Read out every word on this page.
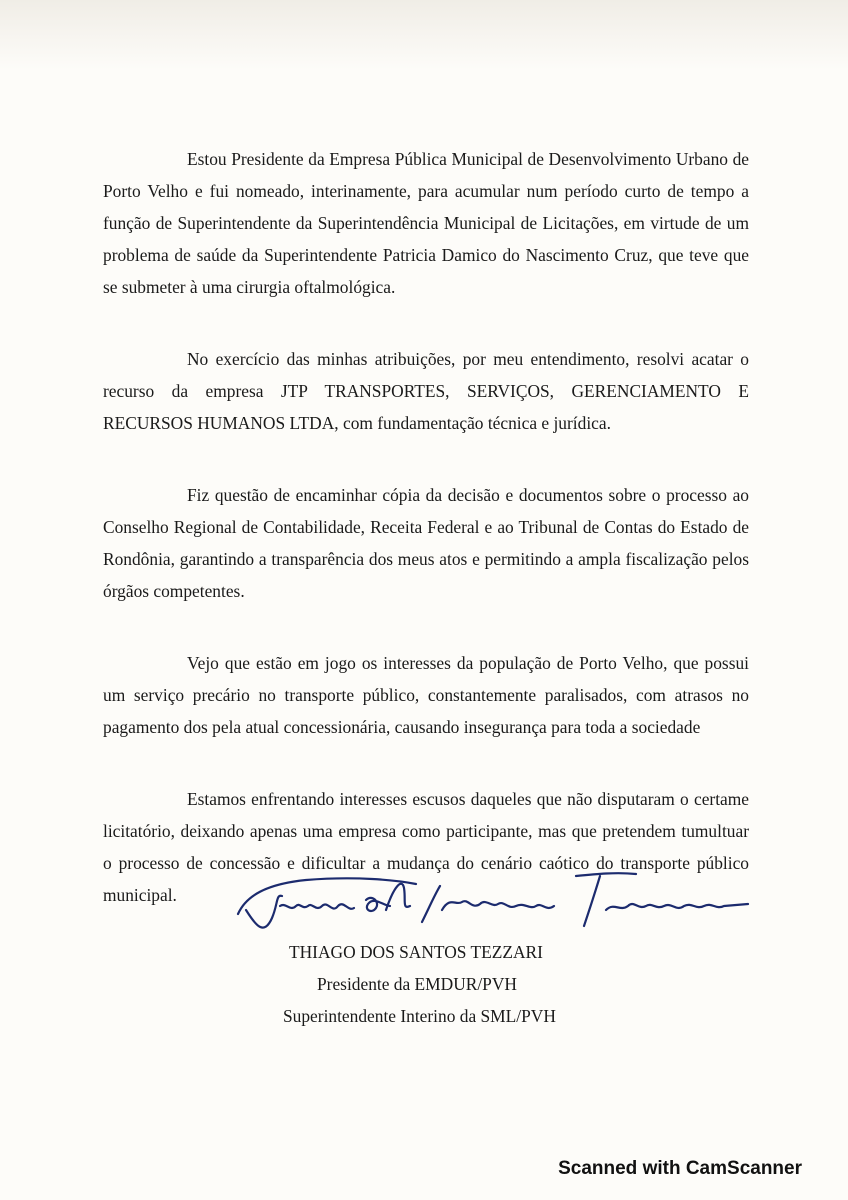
Estou Presidente da Empresa Pública Municipal de Desenvolvimento Urbano de Porto Velho e fui nomeado, interinamente, para acumular num período curto de tempo a função de Superintendente da Superintendência Municipal de Licitações, em virtude de um problema de saúde da Superintendente Patricia Damico do Nascimento Cruz, que teve que se submeter à uma cirurgia oftalmológica.

No exercício das minhas atribuições, por meu entendimento, resolvi acatar o recurso da empresa JTP TRANSPORTES, SERVIÇOS, GERENCIAMENTO E RECURSOS HUMANOS LTDA, com fundamentação técnica e jurídica.

Fiz questão de encaminhar cópia da decisão e documentos sobre o processo ao Conselho Regional de Contabilidade, Receita Federal e ao Tribunal de Contas do Estado de Rondônia, garantindo a transparência dos meus atos e permitindo a ampla fiscalização pelos órgãos competentes.

Vejo que estão em jogo os interesses da população de Porto Velho, que possui um serviço precário no transporte público, constantemente paralisados, com atrasos no pagamento dos pela atual concessionária, causando insegurança para toda a sociedade

Estamos enfrentando interesses escusos daqueles que não disputaram o certame licitatório, deixando apenas uma empresa como participante, mas que pretendem tumultuar o processo de concessão e dificultar a mudança do cenário caótico do transporte público municipal.

THIAGO DOS SANTOS TEZZARI
Presidente da EMDUR/PVH
Superintendente Interino da SML/PVH
Scanned with CamScanner
